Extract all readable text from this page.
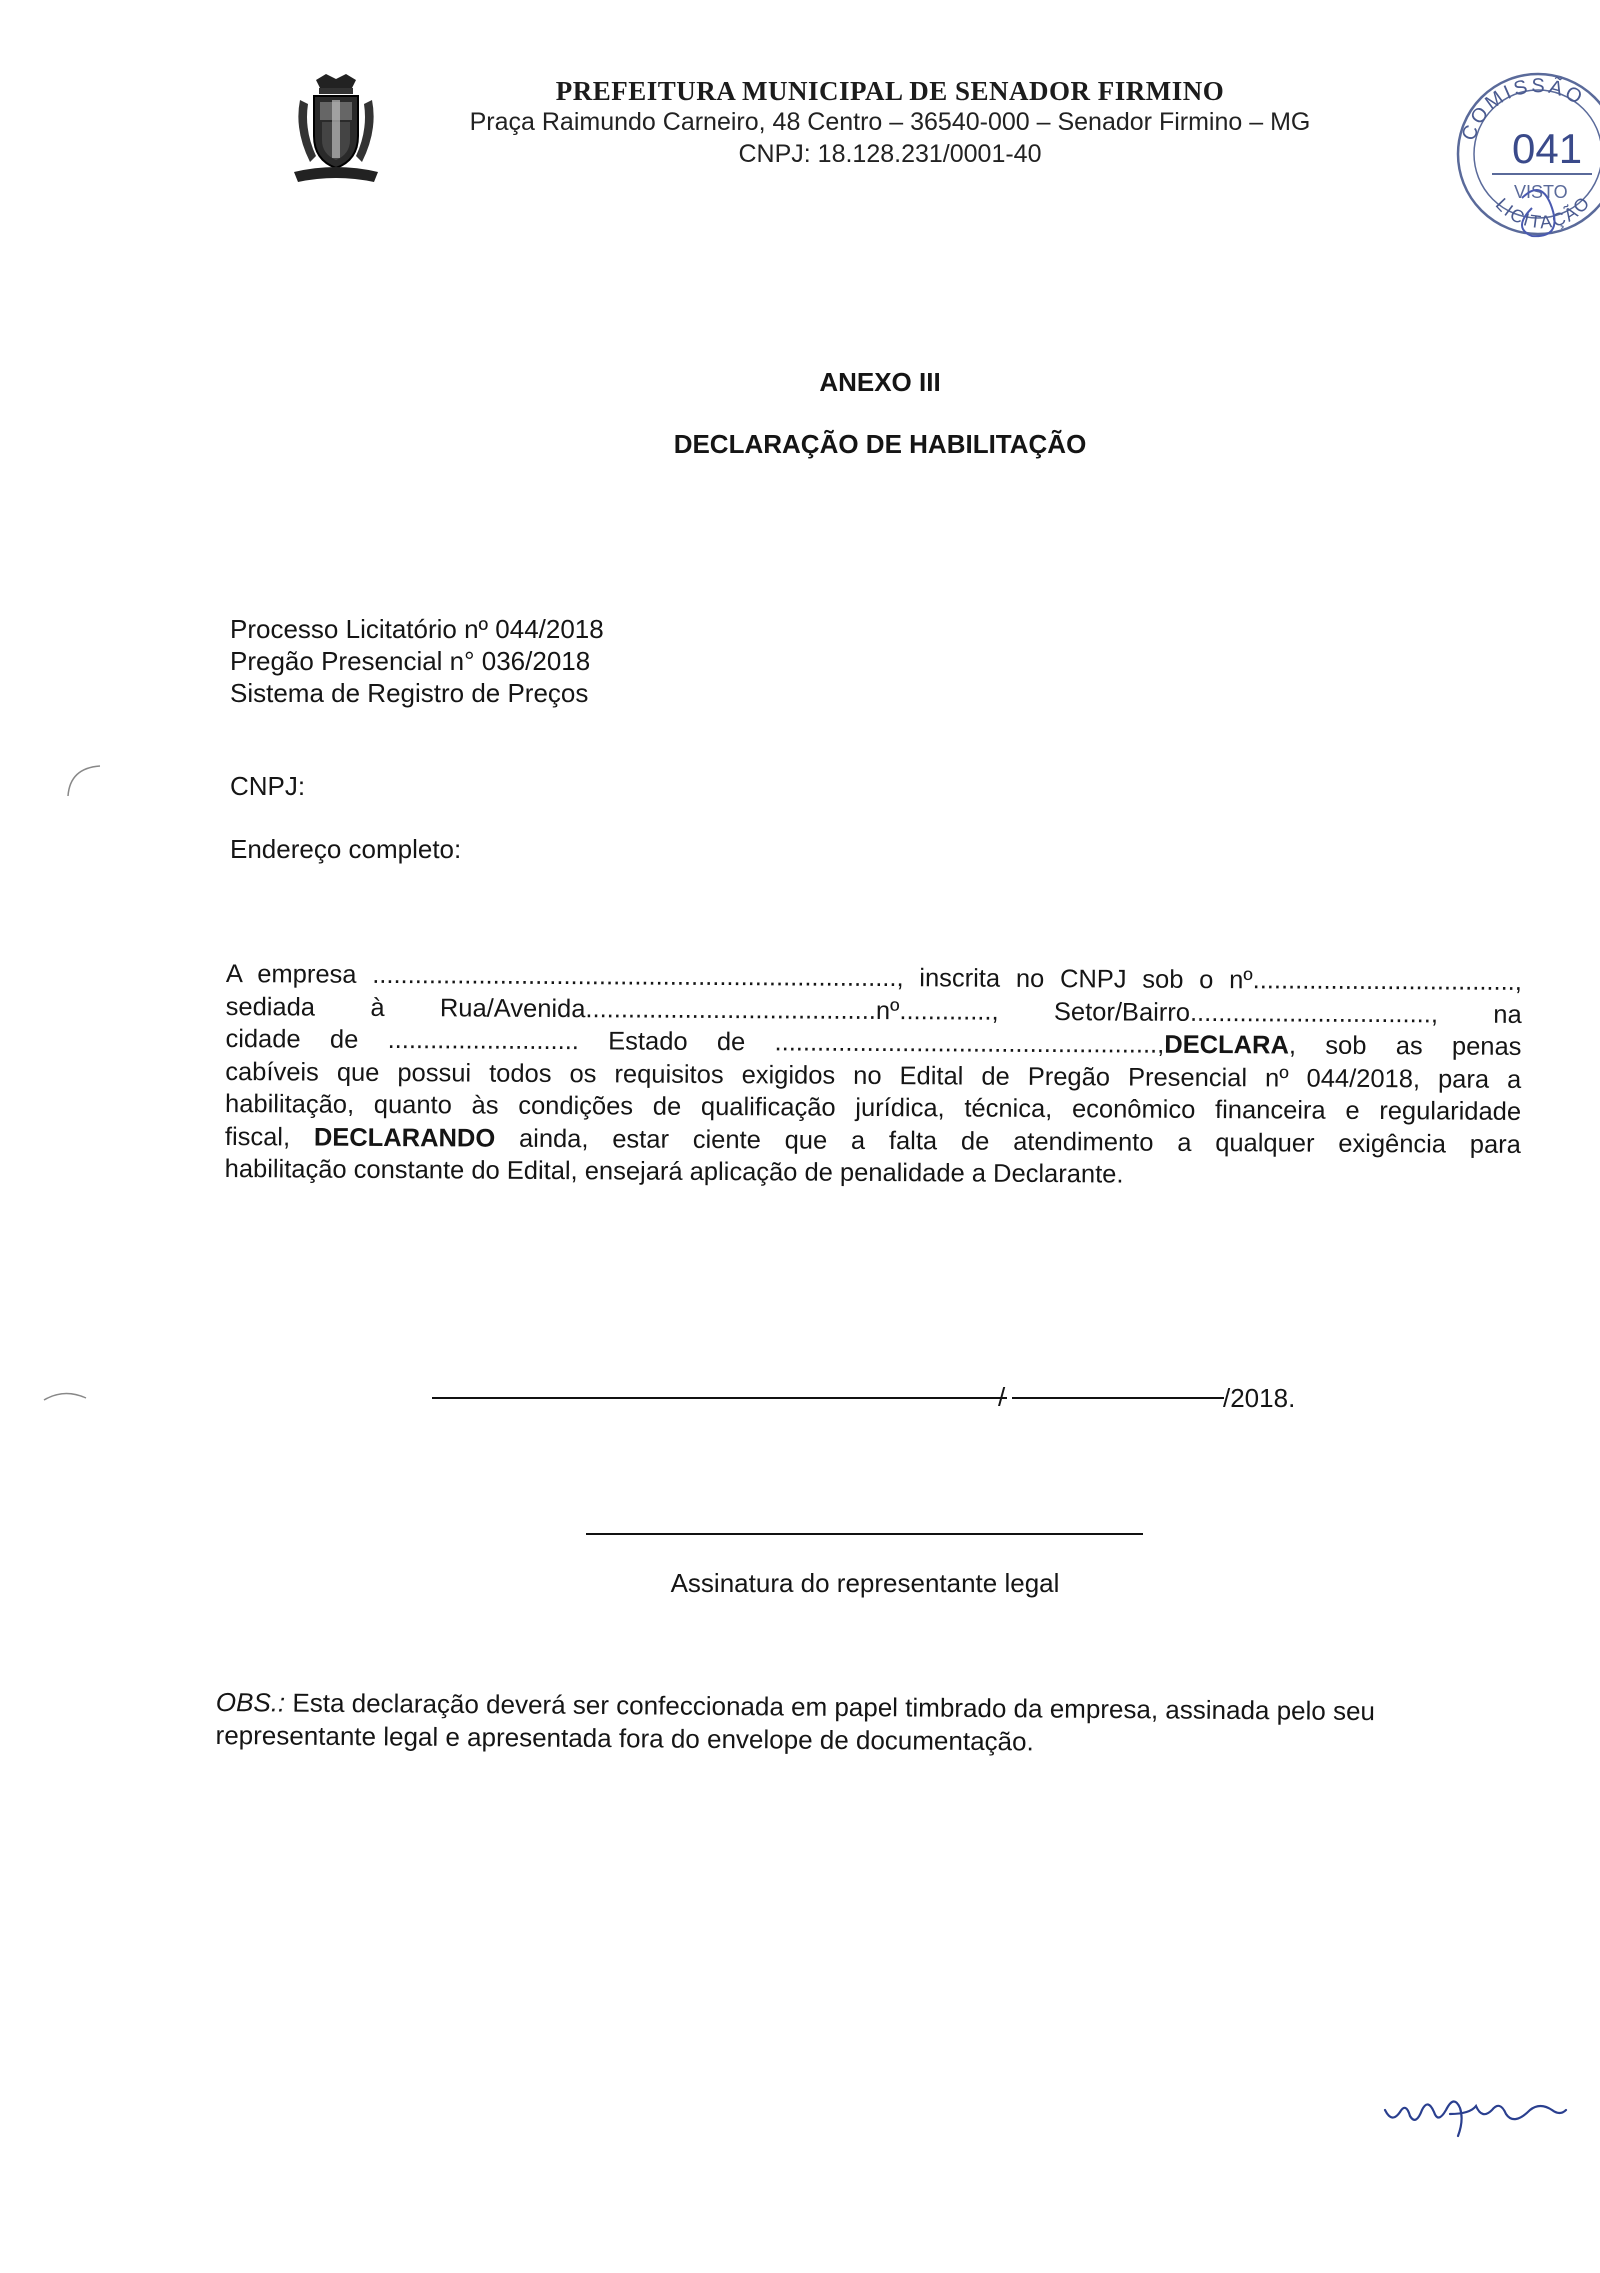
PREFEITURA MUNICIPAL DE SENADOR FIRMINO
Praça Raimundo Carneiro, 48 Centro – 36540-000 – Senador Firmino – MG
CNPJ: 18.128.231/0001-40
COMISSÃO
041
VISTO
LICITAÇÃO
ANEXO III
DECLARAÇÃO DE HABILITAÇÃO
Processo Licitatório nº 044/2018
Pregão Presencial n° 036/2018
Sistema de Registro de Preços
CNPJ:
Endereço completo:
A empresa .........................................................................., inscrita no CNPJ sob o nº.....................................,
sediada à Rua/Avenida.........................................nº............., Setor/Bairro.................................., na
cidade de ........................... Estado de ......................................................,DECLARA, sob as penas
cabíveis que possui todos os requisitos exigidos no Edital de Pregão Presencial nº 044/2018, para a
habilitação, quanto às condições de qualificação jurídica, técnica, econômico financeira e regularidade
fiscal, DECLARANDO ainda, estar ciente que a falta de atendimento a qualquer exigência para
habilitação constante do Edital, ensejará aplicação de penalidade a Declarante.
/	/2018.
Assinatura do representante legal
OBS.: Esta declaração deverá ser confeccionada em papel timbrado da empresa, assinada pelo seu
representante legal e apresentada fora do envelope de documentação.
